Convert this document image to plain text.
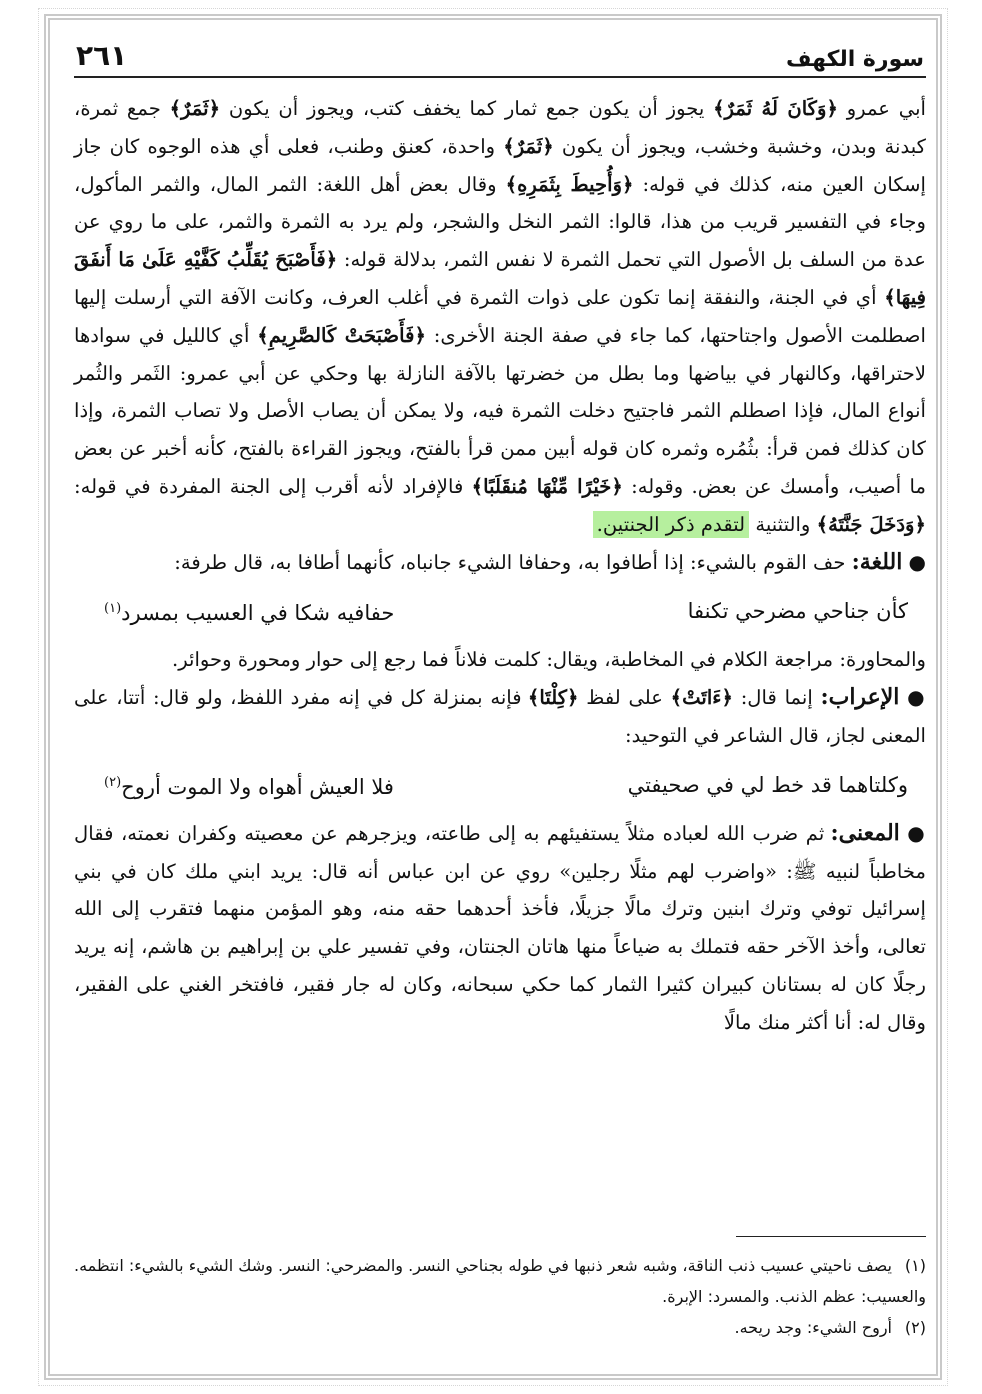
سورة الكهف
٢٦١

أبي عمرو ﴿وَكَانَ لَهُ ثَمَرٌ﴾ يجوز أن يكون جمع ثمار كما يخفف كتب، ويجوز أن يكون ﴿ثَمَرٌ﴾ جمع ثمرة، كبدنة وبدن، وخشبة وخشب، ويجوز أن يكون ﴿ثَمَرٌ﴾ واحدة، كعنق وطنب، فعلى أي هذه الوجوه كان جاز إسكان العين منه، كذلك في قوله: ﴿وَأُحِيطَ بِثَمَرِهِ﴾ وقال بعض أهل اللغة: الثمر المال، والثمر المأكول، وجاء في التفسير قريب من هذا، قالوا: الثمر النخل والشجر، ولم يرد به الثمرة والثمر، على ما روي عن عدة من السلف بل الأصول التي تحمل الثمرة لا نفس الثمر، بدلالة قوله: ﴿فَأَصْبَحَ يُقَلِّبُ كَفَّيْهِ عَلَىٰ مَا أَنفَقَ فِيهَا﴾ أي في الجنة، والنفقة إنما تكون على ذوات الثمرة في أغلب العرف، وكانت الآفة التي أرسلت إليها اصطلمت الأصول واجتاحتها، كما جاء في صفة الجنة الأخرى: ﴿فَأَصْبَحَتْ كَالصَّرِيمِ﴾ أي كالليل في سوادها لاحتراقها، وكالنهار في بياضها وما بطل من خضرتها بالآفة النازلة بها وحكي عن أبي عمرو: الثَمر والثُمر أنواع المال، فإذا اصطلم الثمر فاجتيح دخلت الثمرة فيه، ولا يمكن أن يصاب الأصل ولا تصاب الثمرة، وإذا كان كذلك فمن قرأ: بثُمُره وثمره كان قوله أبين ممن قرأ بالفتح، ويجوز القراءة بالفتح، كأنه أخبر عن بعض ما أصيب، وأمسك عن بعض. وقوله: ﴿خَيْرًا مِّنْهَا مُنقَلَبًا﴾ فالإفراد لأنه أقرب إلى الجنة المفردة في قوله: ﴿وَدَخَلَ جَنَّتَهُ﴾ والتثنية لتقدم ذكر الجنتين.

● اللغة: حف القوم بالشيء: إذا أطافوا به، وحفافا الشيء جانباه، كأنهما أطافا به، قال طرفة:

كأن جناحي مضرحي تكنفا
حفافيه شكا في العسيب بمسرد$^{(١)}$

والمحاورة: مراجعة الكلام في المخاطبة، ويقال: كلمت فلاناً فما رجع إلى حوار ومحورة وحوائر.

● الإعراب: إنما قال: ﴿ءَاتَتْ﴾ على لفظ ﴿كِلْتَا﴾ فإنه بمنزلة كل في إنه مفرد اللفظ، ولو قال: أتتا، على المعنى لجاز، قال الشاعر في التوحيد:

وكلتاهما قد خط لي في صحيفتي
فلا العيش أهواه ولا الموت أروح$^{(٢)}$

● المعنى: ثم ضرب الله لعباده مثلاً يستفيئهم به إلى طاعته، ويزجرهم عن معصيته وكفران نعمته، فقال مخاطباً لنبيه ﷺ: «واضرب لهم مثلًا رجلين» روي عن ابن عباس أنه قال: يريد ابني ملك كان في بني إسرائيل توفي وترك ابنين وترك مالًا جزيلًا، فأخذ أحدهما حقه منه، وهو المؤمن منهما فتقرب إلى الله تعالى، وأخذ الآخر حقه فتملك به ضياعاً منها هاتان الجنتان، وفي تفسير علي بن إبراهيم بن هاشم، إنه يريد رجلًا كان له بستانان كبيران كثيرا الثمار كما حكي سبحانه، وكان له جار فقير، فافتخر الغني على الفقير، وقال له: أنا أكثر منك مالًا

(١)يصف ناحيتي عسيب ذنب الناقة، وشبه شعر ذنبها في طوله بجناحي النسر. والمضرحي: النسر. وشك الشيء بالشيء: انتظمه. والعسيب: عظم الذنب. والمسرد: الإبرة.
(٢)أروح الشيء: وجد ريحه.
